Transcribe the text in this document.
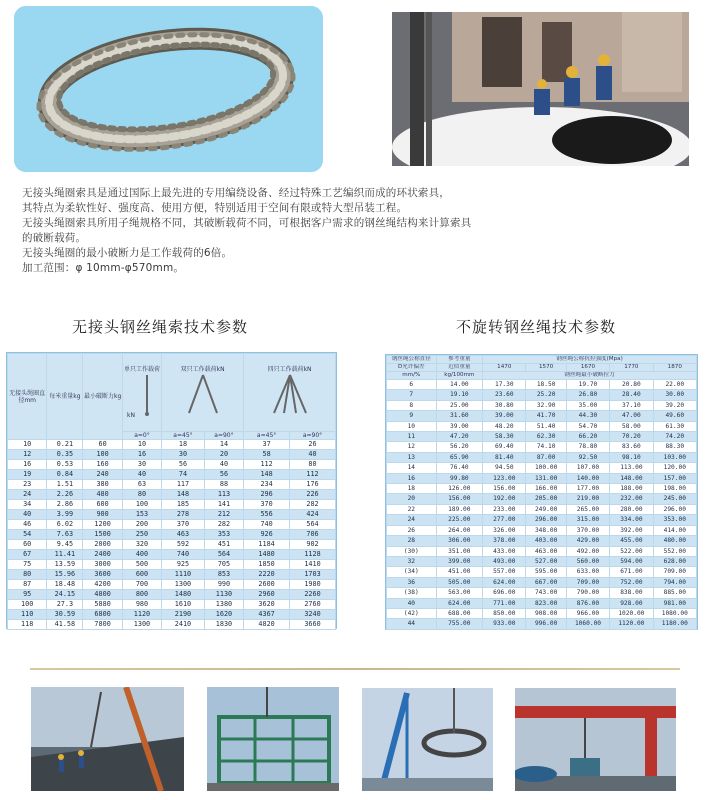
无接头绳圈索具是通过国际上最先进的专用编绕设备、经过特殊工艺编织而成的环状索具，

其特点为柔软性好、强度高、使用方便，特别适用于空间有限或特大型吊装工程。

无接头绳圈索具所用子绳规格不同，其破断载荷不同，可根据客户需求的钢丝绳结构来计算索具

的破断载荷。

无接头绳圈的最小破断力是工作载荷的6倍。

加工范围：φ 10mm-φ570mm。

无接头钢丝绳索技术参数	不旋转钢丝绳技术参数
无接头绳圈直径mm	每米重量kg	最小破断力kg	单只工作载荷kN	双只工作载荷kN		四只工作载荷kN	

			a=0°	a=45°	a=90°	a=45°	a=90°
10	0.21	60	10	18	14	37	26
12	0.35	100	16	30	20	58	40
16	0.53	160	30	56	40	112	80
19	0.84	240	40	74	56	148	112
23	1.51	380	63	117	88	234	176
24	2.26	480	80	148	113	296	226
34	2.86	600	100	185	141	370	282
40	3.99	900	153	278	212	556	424
46	6.02	1200	200	370	282	740	564
54	7.63	1500	250	463	353	926	706
60	9.45	2000	320	592	451	1184	902
67	11.41	2400	400	740	564	1480	1128
75	13.59	3000	500	925	705	1850	1410
80	15.96	3600	600	1110	853	2220	1703
87	18.48	4200	700	1300	990	2600	1980
95	24.15	4800	800	1480	1130	2960	2260
100	27.3	5880	980	1610	1380	3620	2760
110	30.59	6800	1120	2190	1620	4367	3240
118	41.58	7800	1300	2410	1830	4820	3660
钢丝绳公称直径	参考重量	钢丝绳公称抗拉强度(Mpa)				
D允许偏差	近似重量	1470	1570	1670	1770	1870
mm/%	kg/100mm	钢丝绳最小破断拉力				
6	14.00	17.30	18.50	19.70	20.80	22.00
7	19.10	23.60	25.20	26.80	28.40	30.00
8	25.00	30.80	32.90	35.00	37.10	39.20
9	31.60	39.00	41.70	44.30	47.00	49.60
10	39.00	48.20	51.40	54.70	58.00	61.30
11	47.20	58.30	62.30	66.20	70.20	74.20
12	56.20	69.40	74.10	78.80	83.60	88.30
13	65.90	81.40	87.00	92.50	98.10	103.00
14	76.40	94.50	100.00	107.00	113.00	120.00
16	99.80	123.00	131.00	140.00	148.00	157.00
18	126.00	156.00	166.00	177.00	188.00	198.00
20	156.00	192.00	205.00	219.00	232.00	245.00
22	189.00	233.00	249.00	265.00	280.00	296.00
24	225.00	277.00	296.00	315.00	334.00	353.00
26	264.00	326.00	348.00	370.00	392.00	414.00
28	306.00	378.00	403.00	429.00	455.00	480.00
(30)	351.00	433.00	463.00	492.00	522.00	552.00
32	399.00	493.00	527.00	560.00	594.00	628.00
(34)	451.00	557.00	595.00	633.00	671.00	709.00
36	505.00	624.00	667.00	709.00	752.00	794.00
(38)	563.00	696.00	743.00	790.00	838.00	885.00
40	624.00	771.00	823.00	876.00	928.00	981.00
(42)	688.00	850.00	908.00	966.00	1020.00	1080.00
44	755.00	933.00	996.00	1060.00	1120.00	1180.00
